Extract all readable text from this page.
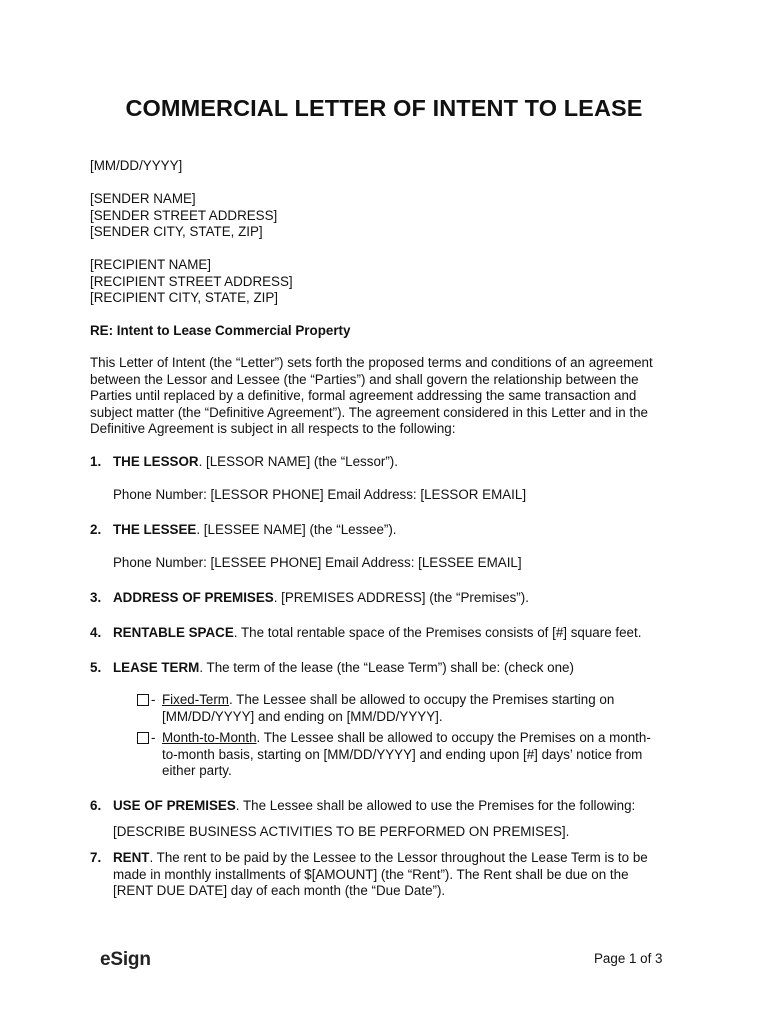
COMMERCIAL LETTER OF INTENT TO LEASE
[MM/DD/YYYY]
[SENDER NAME]
[SENDER STREET ADDRESS]
[SENDER CITY, STATE, ZIP]
[RECIPIENT NAME]
[RECIPIENT STREET ADDRESS]
[RECIPIENT CITY, STATE, ZIP]
RE: Intent to Lease Commercial Property
This Letter of Intent (the “Letter”) sets forth the proposed terms and conditions of an agreement
between the Lessor and Lessee (the “Parties”) and shall govern the relationship between the
Parties until replaced by a definitive, formal agreement addressing the same transaction and
subject matter (the “Definitive Agreement”). The agreement considered in this Letter and in the
Definitive Agreement is subject in all respects to the following:
1. THE LESSOR. [LESSOR NAME] (the “Lessor”).
Phone Number: [LESSOR PHONE] Email Address: [LESSOR EMAIL]
2. THE LESSEE. [LESSEE NAME] (the “Lessee”).
Phone Number: [LESSEE PHONE] Email Address: [LESSEE EMAIL]
3. ADDRESS OF PREMISES. [PREMISES ADDRESS] (the “Premises”).
4. RENTABLE SPACE. The total rentable space of the Premises consists of [#] square feet.
5. LEASE TERM. The term of the lease (the “Lease Term”) shall be: (check one)
- Fixed-Term. The Lessee shall be allowed to occupy the Premises starting on
[MM/DD/YYYY] and ending on [MM/DD/YYYY].
- Month-to-Month. The Lessee shall be allowed to occupy the Premises on a month-
to-month basis, starting on [MM/DD/YYYY] and ending upon [#] days’ notice from
either party.
6. USE OF PREMISES. The Lessee shall be allowed to use the Premises for the following:
[DESCRIBE BUSINESS ACTIVITIES TO BE PERFORMED ON PREMISES].
7. RENT. The rent to be paid by the Lessee to the Lessor throughout the Lease Term is to be
made in monthly installments of $[AMOUNT] (the “Rent”). The Rent shall be due on the
[RENT DUE DATE] day of each month (the “Due Date”).
eSign	Page 1 of 3
